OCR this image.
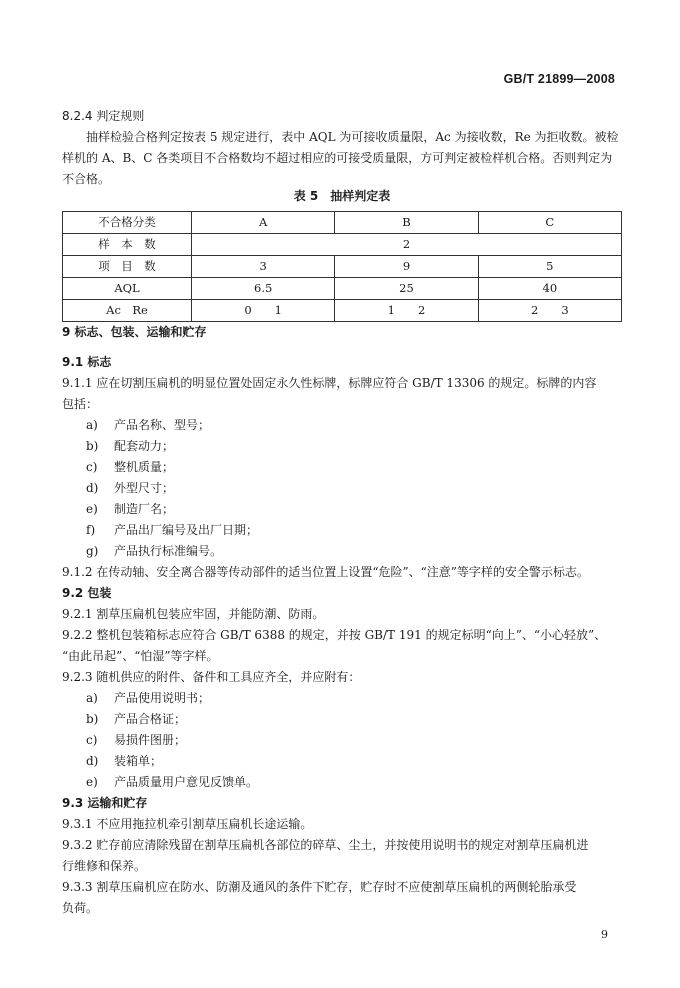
GB/T 21899—2008
8.2.4 判定规则
抽样检验合格判定按表 5 规定进行，表中 AQL 为可接收质量限，Ac 为接收数，Re 为拒收数。被检
样机的 A、B、C 各类项目不合格数均不超过相应的可接受质量限，方可判定被检样机合格。否则判定为
不合格。
表 5　抽样判定表
不合格分类	A	B	C
样　本　数	2		
项　目　数	3	9	5
AQL	6.5	25	40
Ac　Re	0　　1	1　　2	2　　3
9 标志、包装、运输和贮存
9.1 标志
9.1.1 应在切割压扁机的明显位置处固定永久性标牌，标牌应符合 GB/T 13306 的规定。标牌的内容
包括：
a) 产品名称、型号；
b) 配套动力；
c) 整机质量；
d) 外型尺寸；
e) 制造厂名；
f) 产品出厂编号及出厂日期；
g) 产品执行标准编号。
9.1.2 在传动轴、安全离合器等传动部件的适当位置上设置“危险”、“注意”等字样的安全警示标志。
9.2 包装
9.2.1 割草压扁机包装应牢固，并能防潮、防雨。
9.2.2 整机包装箱标志应符合 GB/T 6388 的规定，并按 GB/T 191 的规定标明“向上”、“小心轻放”、
“由此吊起”、“怕湿”等字样。
9.2.3 随机供应的附件、备件和工具应齐全，并应附有：
a) 产品使用说明书；
b) 产品合格证；
c) 易损件图册；
d) 装箱单；
e) 产品质量用户意见反馈单。
9.3 运输和贮存
9.3.1 不应用拖拉机牵引割草压扁机长途运输。
9.3.2 贮存前应清除残留在割草压扁机各部位的碎草、尘土，并按使用说明书的规定对割草压扁机进
行维修和保养。
9.3.3 割草压扁机应在防水、防潮及通风的条件下贮存，贮存时不应使割草压扁机的两侧轮胎承受
负荷。
9
